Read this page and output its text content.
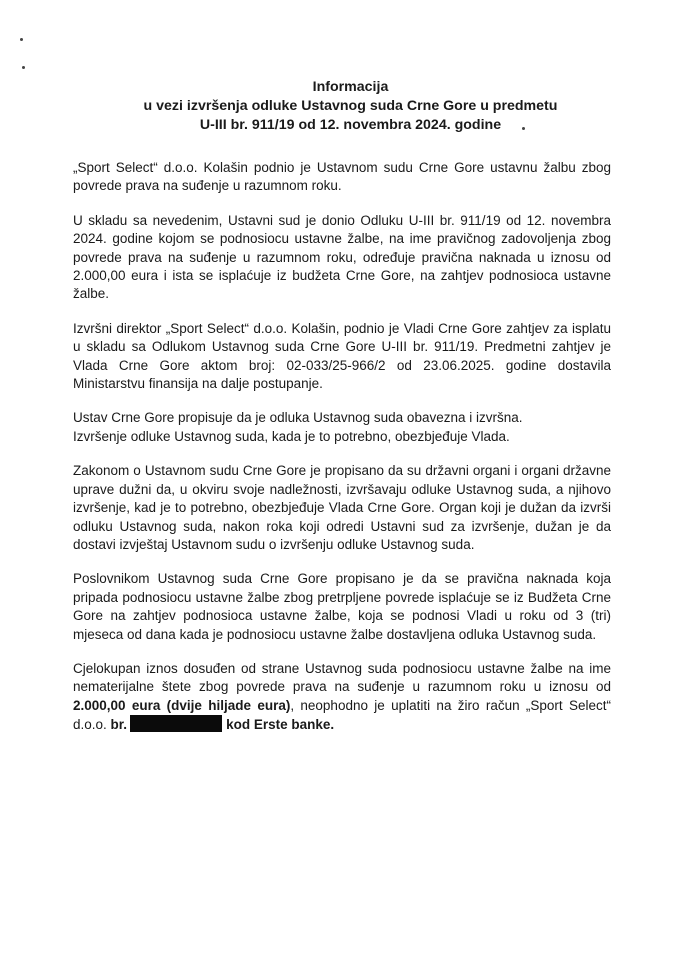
Informacija
u vezi izvršenja odluke Ustavnog suda Crne Gore u predmetu
U-III br. 911/19 od 12. novembra 2024. godine

„Sport Select“ d.o.o. Kolašin podnio je Ustavnom sudu Crne Gore ustavnu žalbu zbog povrede prava na suđenje u razumnom roku.

U skladu sa nevedenim, Ustavni sud je donio Odluku U-III br. 911/19 od 12. novembra 2024. godine kojom se podnosiocu ustavne žalbe, na ime pravičnog zadovoljenja zbog povrede prava na suđenje u razumnom roku, određuje pravična naknada u iznosu od 2.000,00 eura i ista se isplaćuje iz budžeta Crne Gore, na zahtjev podnosioca ustavne žalbe.

Izvršni direktor „Sport Select“ d.o.o. Kolašin, podnio je Vladi Crne Gore zahtjev za isplatu u skladu sa Odlukom Ustavnog suda Crne Gore U-III br. 911/19. Predmetni zahtjev je Vlada Crne Gore aktom broj: 02-033/25-966/2 od 23.06.2025. godine dostavila Ministarstvu finansija na dalje postupanje.

Ustav Crne Gore propisuje da je odluka Ustavnog suda obavezna i izvršna.

Izvršenje odluke Ustavnog suda, kada je to potrebno, obezbjeđuje Vlada.

Zakonom o Ustavnom sudu Crne Gore je propisano da su državni organi i organi državne uprave dužni da, u okviru svoje nadležnosti, izvršavaju odluke Ustavnog suda, a njihovo izvršenje, kad je to potrebno, obezbjeđuje Vlada Crne Gore. Organ koji je dužan da izvrši odluku Ustavnog suda, nakon roka koji odredi Ustavni sud za izvršenje, dužan je da dostavi izvještaj Ustavnom sudu o izvršenju odluke Ustavnog suda.

Poslovnikom Ustavnog suda Crne Gore propisano je da se pravična naknada koja pripada podnosiocu ustavne žalbe zbog pretrpljene povrede isplaćuje se iz Budžeta Crne Gore na zahtjev podnosioca ustavne žalbe, koja se podnosi Vladi u roku od 3 (tri) mjeseca od dana kada je podnosiocu ustavne žalbe dostavljena odluka Ustavnog suda.

Cjelokupan iznos dosuđen od strane Ustavnog suda podnosiocu ustavne žalbe na ime nematerijalne štete zbog povrede prava na suđenje u razumnom roku u iznosu od 2.000,00 eura (dvije hiljade eura), neophodno je uplatiti na žiro račun „Sport Select“ d.o.o. br.	kod Erste banke.
